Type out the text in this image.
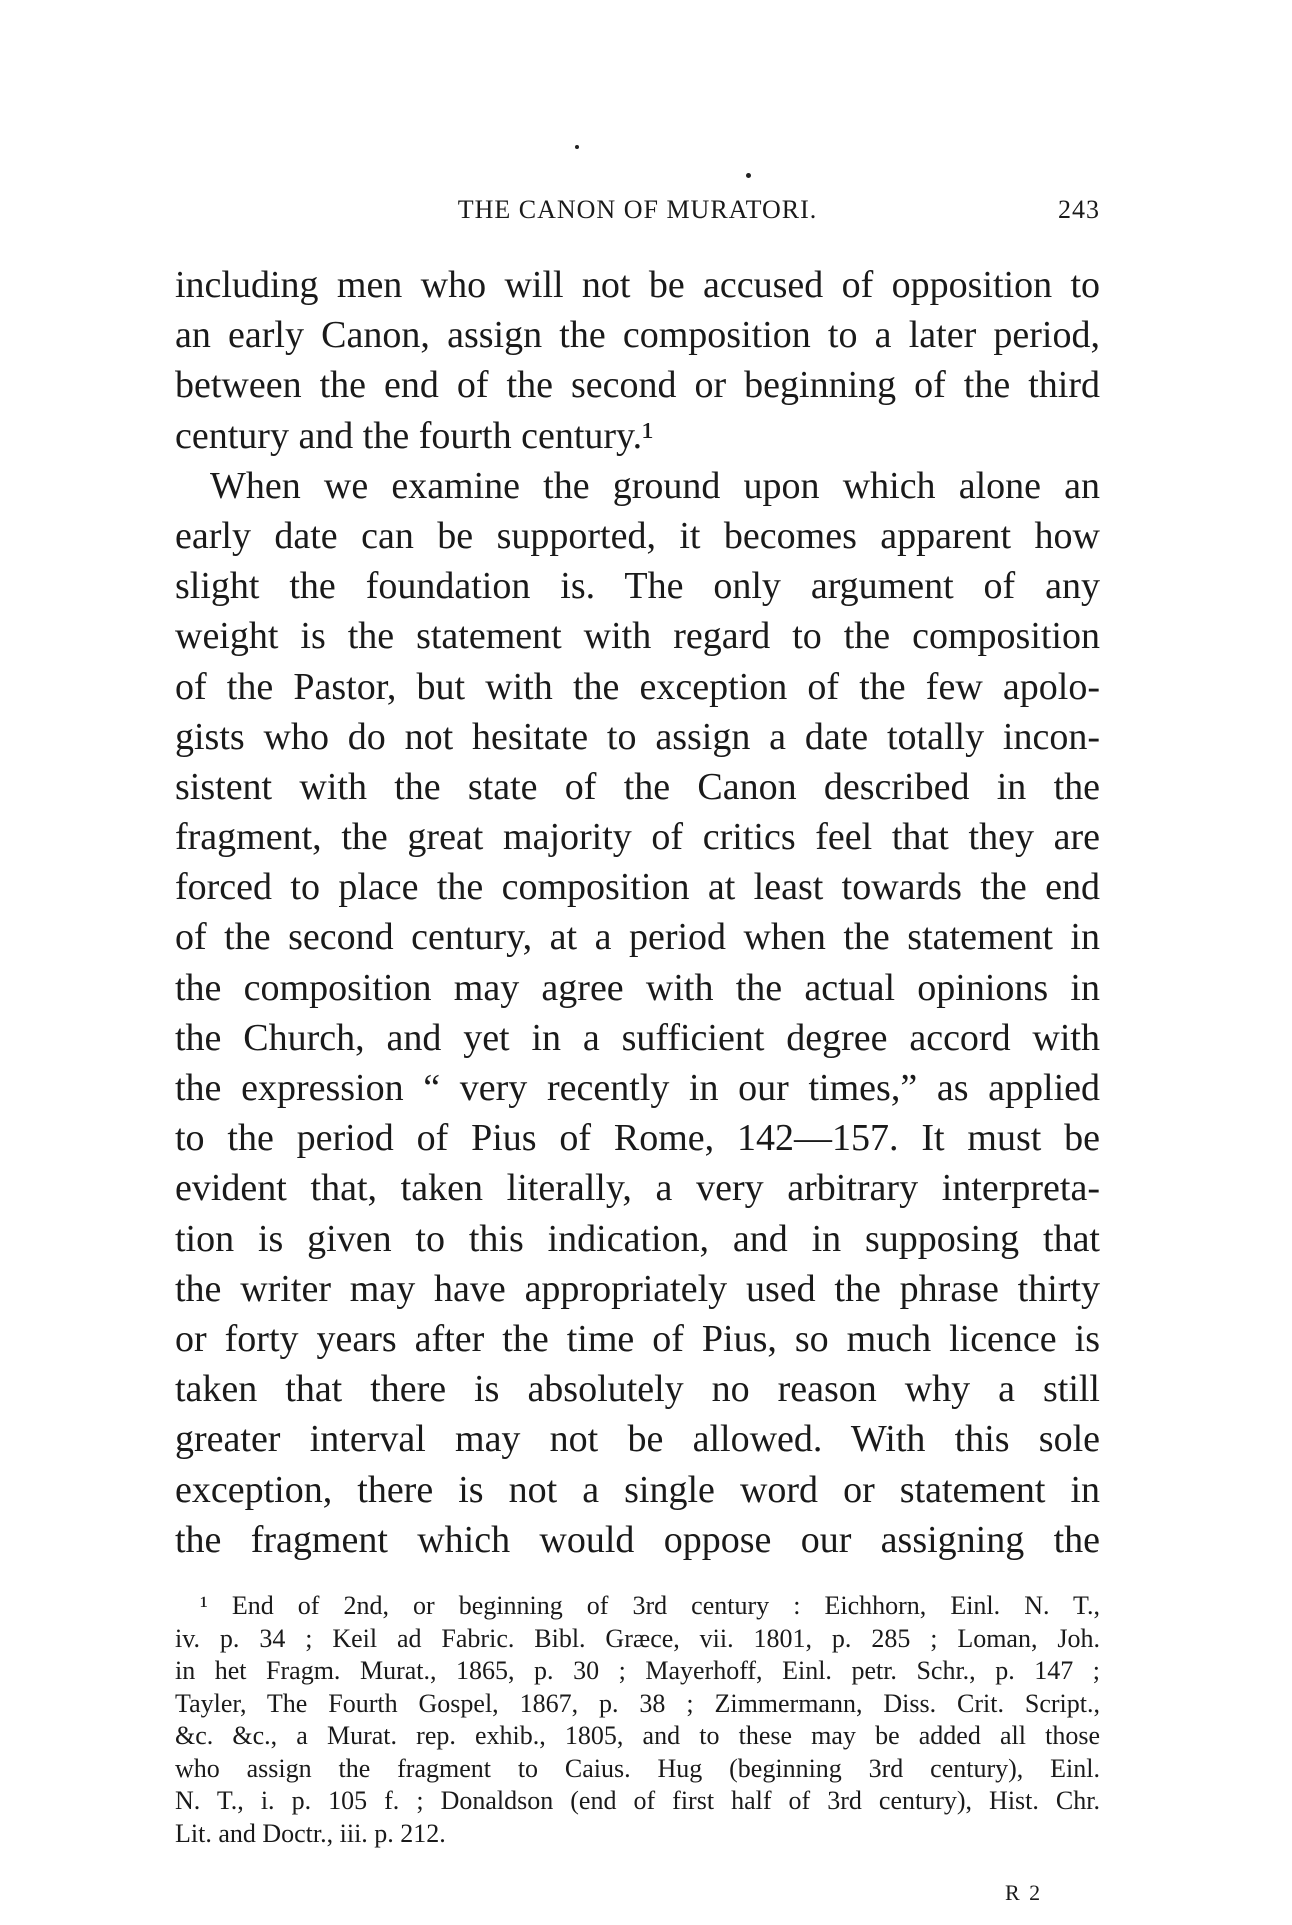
THE CANON OF MURATORI.	243
including men who will not be accused of opposition to
an early Canon, assign the composition to a later period,
between the end of the second or beginning of the third
century and the fourth century.¹
When we examine the ground upon which alone an
early date can be supported, it becomes apparent how
slight the foundation is. The only argument of any
weight is the statement with regard to the composition
of the Pastor, but with the exception of the few apolo-
gists who do not hesitate to assign a date totally incon-
sistent with the state of the Canon described in the
fragment, the great majority of critics feel that they are
forced to place the composition at least towards the end
of the second century, at a period when the statement in
the composition may agree with the actual opinions in
the Church, and yet in a sufficient degree accord with
the expression “ very recently in our times,” as applied
to the period of Pius of Rome, 142—157. It must be
evident that, taken literally, a very arbitrary interpreta-
tion is given to this indication, and in supposing that
the writer may have appropriately used the phrase thirty
or forty years after the time of Pius, so much licence is
taken that there is absolutely no reason why a still
greater interval may not be allowed. With this sole
exception, there is not a single word or statement in
the fragment which would oppose our assigning the
¹ End of 2nd, or beginning of 3rd century : Eichhorn, Einl. N. T.,
iv. p. 34 ; Keil ad Fabric. Bibl. Græce, vii. 1801, p. 285 ; Loman, Joh.
in het Fragm. Murat., 1865, p. 30 ; Mayerhoff, Einl. petr. Schr., p. 147 ;
Tayler, The Fourth Gospel, 1867, p. 38 ; Zimmermann, Diss. Crit. Script.,
&c. &c., a Murat. rep. exhib., 1805, and to these may be added all those
who assign the fragment to Caius. Hug (beginning 3rd century), Einl.
N. T., i. p. 105 f. ; Donaldson (end of first half of 3rd century), Hist. Chr.
Lit. and Doctr., iii. p. 212.
R 2
